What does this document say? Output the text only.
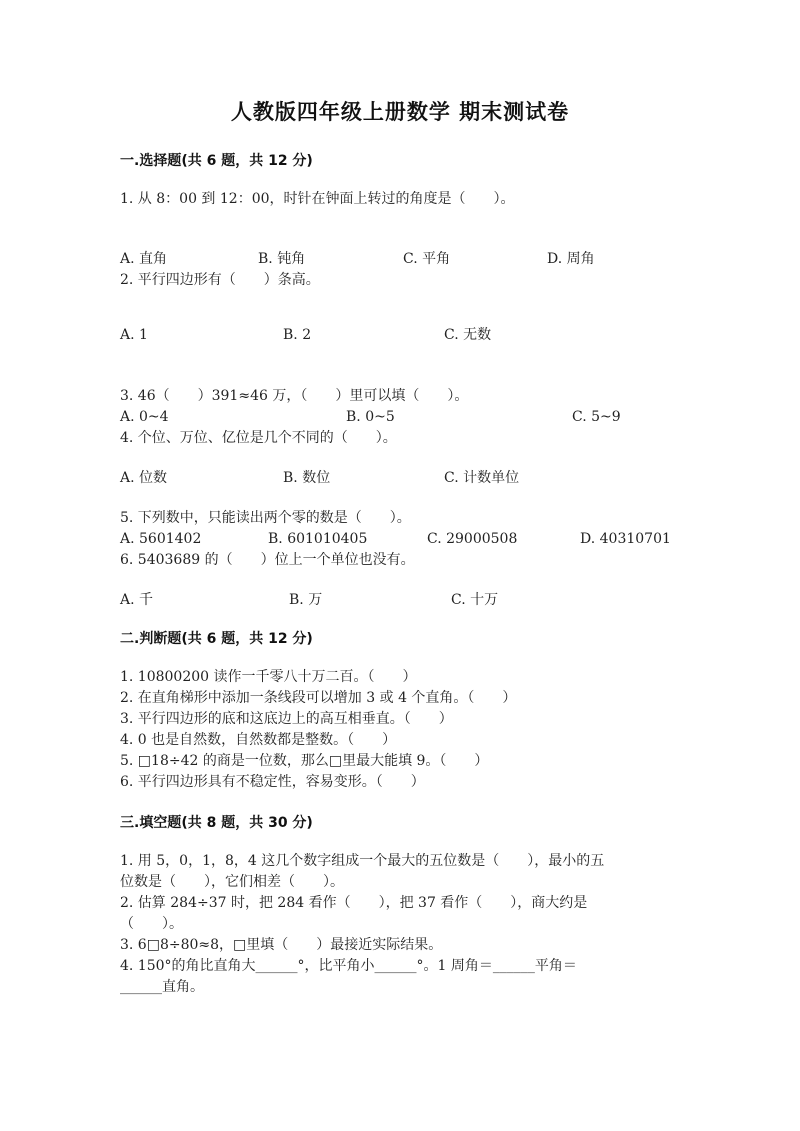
人教版四年级上册数学 期末测试卷
一.选择题(共 6 题，共 12 分)
1. 从 8：00 到 12：00，时针在钟面上转过的角度是（　　）。
A. 直角	B. 钝角	C. 平角	D. 周角
2. 平行四边形有（　　）条高。
A. 1	B. 2	C. 无数
3. 46（　　）391≈46 万，（　　）里可以填（　　）。
A. 0~4	B. 0~5	C. 5~9
4. 个位、万位、亿位是几个不同的（　　）。
A. 位数	B. 数位	C. 计数单位
5. 下列数中，只能读出两个零的数是（　　）。
A. 5601402	B. 601010405	C. 29000508	D. 40310701
6. 5403689 的（　　）位上一个单位也没有。
A. 千	B. 万	C. 十万
二.判断题(共 6 题，共 12 分)
1. 10800200 读作一千零八十万二百。（　　）
2. 在直角梯形中添加一条线段可以增加 3 或 4 个直角。（　　）
3. 平行四边形的底和这底边上的高互相垂直。（　　）
4. 0 也是自然数，自然数都是整数。（　　）
5. □18÷42 的商是一位数，那么□里最大能填 9。（　　）
6. 平行四边形具有不稳定性，容易变形。（　　）
三.填空题(共 8 题，共 30 分)
1. 用 5，0，1，8，4 这几个数字组成一个最大的五位数是（　　），最小的五
位数是（　　），它们相差（　　）。
2. 估算 284÷37 时，把 284 看作（　　），把 37 看作（　　），商大约是
（　　）。
3. 6□8÷80≈8，□里填（　　）最接近实际结果。
4. 150°的角比直角大______°，比平角小______°。1 周角＝______平角＝
______直角。
